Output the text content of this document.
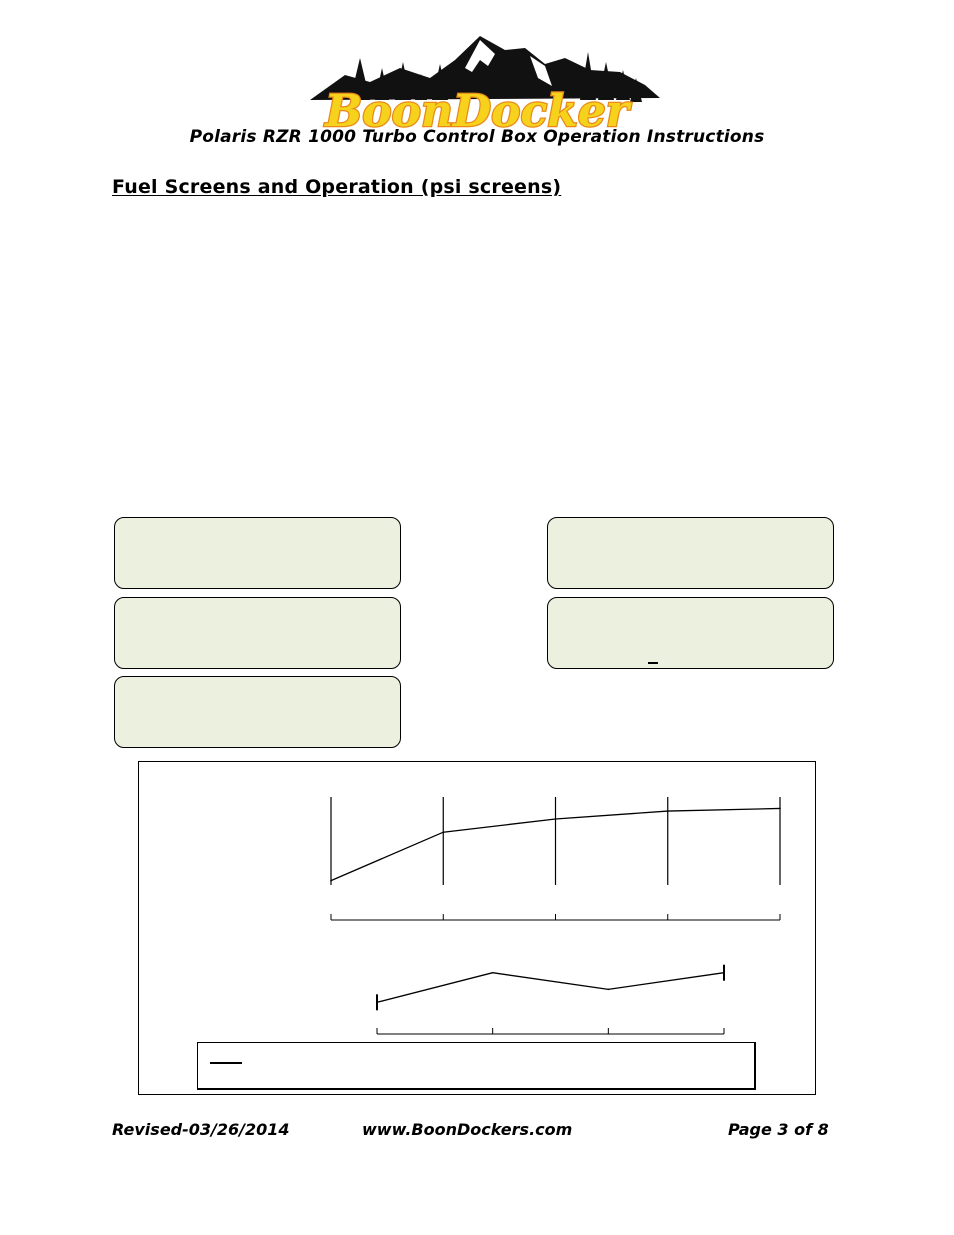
BoonDocker
Polaris RZR 1000 Turbo Control Box Operation Instructions
Fuel Screens and Operation (psi screens)
Revised-03/26/2014	www.BoonDockers.com	Page 3 of 8
